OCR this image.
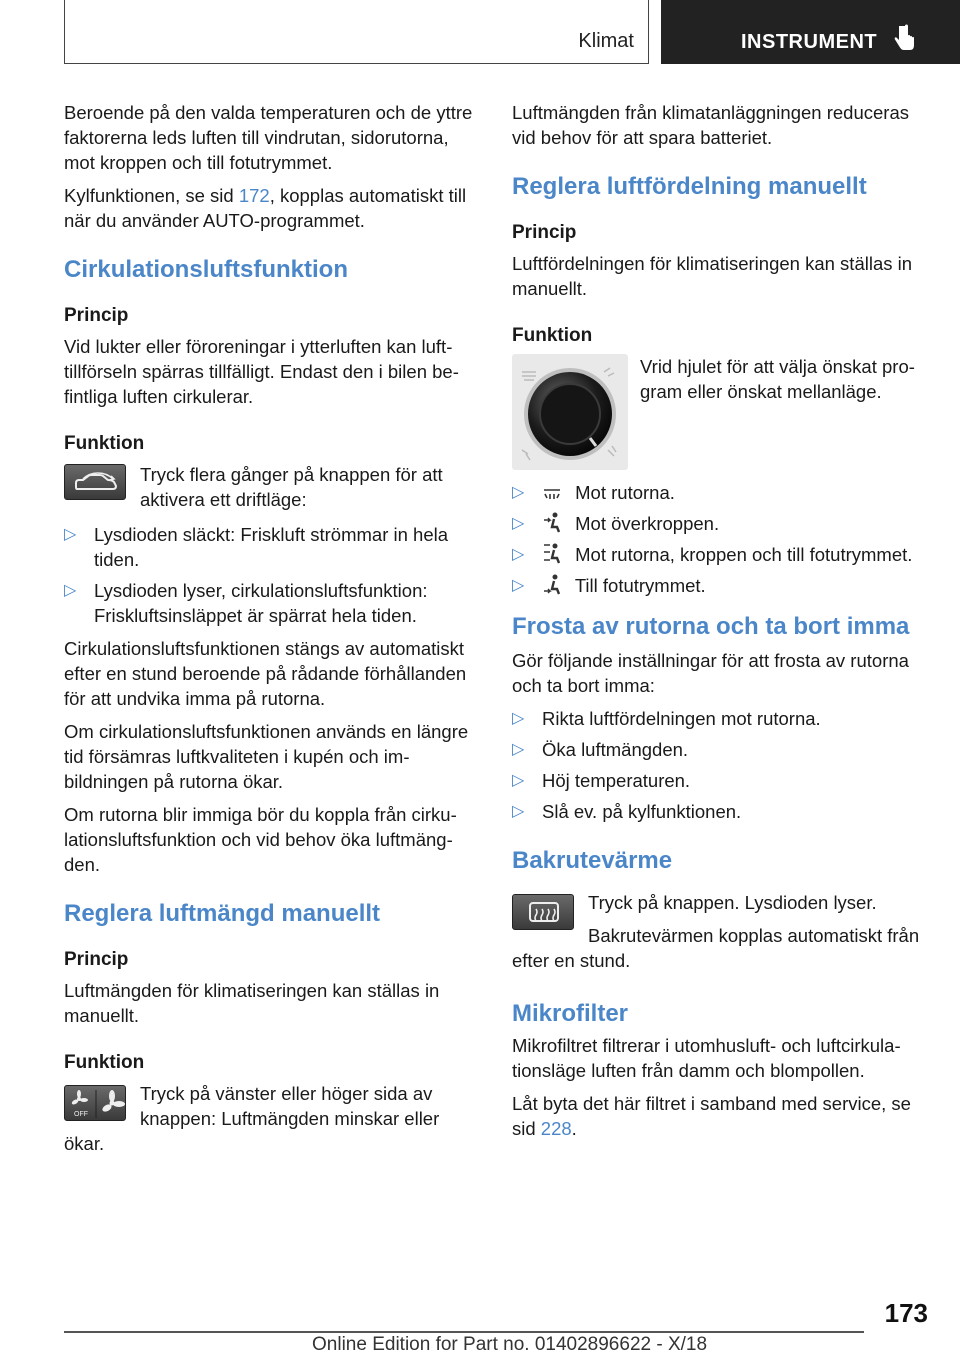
Klimat	INSTRUMENT

Beroende på den valda temperaturen och de yttre faktorerna leds luften till vindrutan, sidorutorna, mot kroppen och till fotutrymmet.

Kylfunktionen, se sid 172, kopplas automatiskt till när du använder AUTO-programmet.

Cirkulationsluftsfunktion
Princip

Vid lukter eller föroreningar i ytterluften kan lufttillförseln spärras tillfälligt. Endast den i bilen befintliga luften cirkulerar.

Funktion
Tryck flera gånger på knappen för att aktivera ett driftläge:
▷ Lysdioden släckt: Friskluft strömmar in hela tiden.
▷ Lysdioden lyser, cirkulationsluftsfunktion: Friskluftsinsläppet är spärrat hela tiden.

Cirkulationsluftsfunktionen stängs av automatiskt efter en stund beroende på rådande förhållanden för att undvika imma på rutorna.

Om cirkulationsluftsfunktionen används en längre tid försämras luftkvaliteten i kupén och imbildningen på rutorna ökar.

Om rutorna blir immiga bör du koppla från cirkulationsluftsfunktion och vid behov öka luftmängden.

Reglera luftmängd manuellt
Princip

Luftmängden för klimatiseringen kan ställas in manuellt.

Funktion
OFF
Tryck på vänster eller höger sida av knappen: Luftmängden minskar eller ökar.

Luftmängden från klimatanläggningen reduceras vid behov för att spara batteriet.

Reglera luftfördelning manuellt
Princip

Luftfördelningen för klimatiseringen kan ställas in manuellt.

Funktion
Vrid hjulet för att välja önskat program eller önskat mellanläge.
▷	Mot rutorna.
▷	Mot överkroppen.
▷	Mot rutorna, kroppen och till fotutrymmet.
▷	Till fotutrymmet.
Frosta av rutorna och ta bort imma

Gör följande inställningar för att frosta av rutorna och ta bort imma:

▷ Rikta luftfördelningen mot rutorna.
▷ Öka luftmängden.
▷ Höj temperaturen.
▷ Slå ev. på kylfunktionen.
Bakrutevärme

Tryck på knappen. Lysdioden lyser.

Bakrutevärmen kopplas automatiskt från efter en stund.

Mikrofilter

Mikrofiltret filtrerar i utomhusluft- och luftcirkulationsläge luften från damm och blompollen.

Låt byta det här filtret i samband med service, se sid 228.

173
Online Edition for Part no. 01402896622 - X/18
